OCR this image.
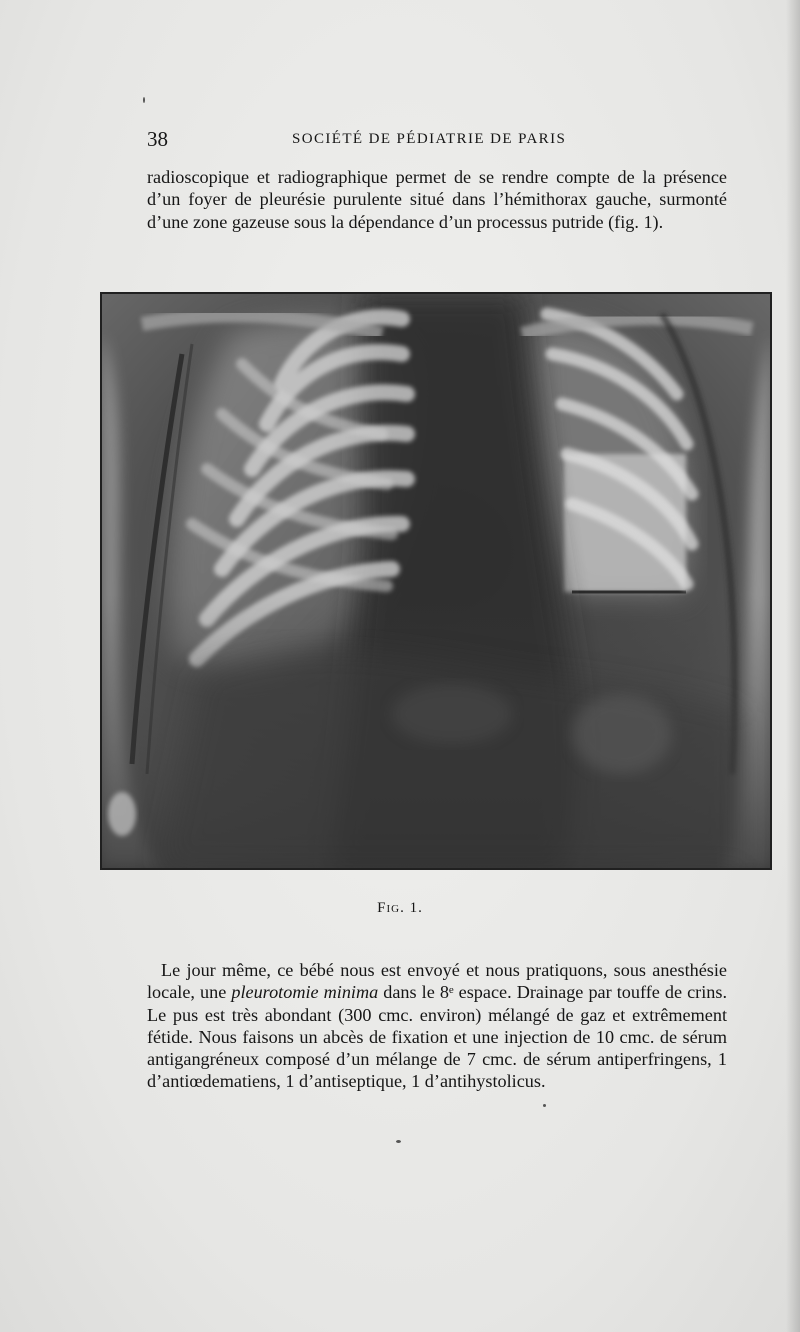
38	SOCIÉTÉ DE PÉDIATRIE DE PARIS

radioscopique et radiographique permet de se rendre compte de la présence d’un foyer de pleurésie purulente situé dans l’hémithorax gauche, surmonté d’une zone gazeuse sous la dépendance d’un processus putride (fig. 1).

Fig. 1.

Le jour même, ce bébé nous est envoyé et nous pratiquons, sous anesthésie locale, une pleurotomie minima dans le 8ᵉ espace. Drainage par touffe de crins. Le pus est très abondant (300 cmc. environ) mélangé de gaz et extrêmement fétide. Nous faisons un abcès de fixation et une injection de 10 cmc. de sérum antigangréneux composé d’un mélange de 7 cmc. de sérum antiperfringens, 1 d’antiœdematiens, 1 d’antiseptique, 1 d’antihystolicus.
